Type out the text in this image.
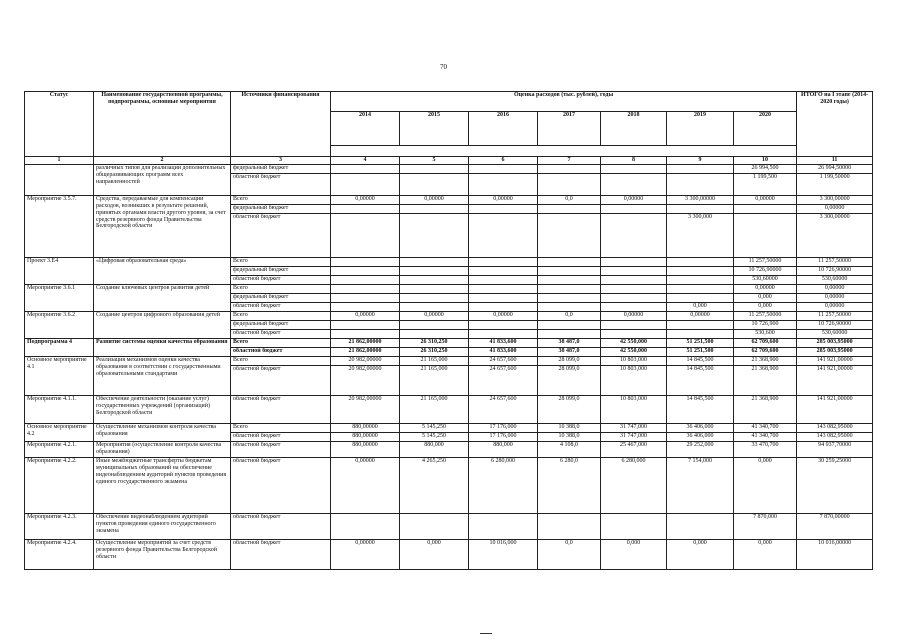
70
Статус	Наименование государственной программы, подпрограммы, основные мероприятия	Источники финансирования	Оценка расходов (тыс. рублей), годы							ИТОГО на I этапе (2014-2020 годы)
			2014	2015	2016	2017	2018	2019	2020	

1	2	3	4	5	6	7	8	9	10	11
	различных типов для реализации дополнительных общеразвивающих программ всех направленностей	федеральный бюджет							26 994,500	26 994,50000
		областной бюджет							1 199,500	1 199,50000
Мероприятие 3.5.7.	Средства, передаваемые для компенсации расходов, возникших в результате решений, принятых органами власти другого уровня, за счет средств резервного фонда Правительства Белгородской области	Всего	0,00000	0,00000	0,00000	0,0	0,00000	3 300,00000	0,00000	3 300,00000
		федеральный бюджет								0,00000
		областной бюджет						3 300,000		3 300,00000
Проект 3.Е4	«Цифровая образовательная среда»	Всего							11 257,50000	11 257,50000
		федеральный бюджет							10 726,90000	10 726,90000
		областной бюджет							530,60000	530,60000
Мероприятие 3.6.1	Создание ключевых центров развития детей	Всего							0,00000	0,00000
		федеральный бюджет							0,000	0,00000
		областной бюджет						0,000	0,000	0,00000
Мероприятие 3.6.2	Создание центров цифрового образования детей	Всего	0,00000	0,00000	0,00000	0,0	0,00000	0,00000	11 257,50000	11 257,50000
		федеральный бюджет							10 726,900	10 726,90000
		областной бюджет							530,600	530,60000
Подпрограмма 4	Развитие системы оценки качества образования	Всего	21 862,00000	26 310,250	41 833,600	38 487,0	42 550,000	51 251,500	62 709,600	285 003,95000
		областной бюджет	21 862,00000	26 310,250	41 833,600	38 487,0	42 550,000	51 251,500	62 709,600	285 003,95000
Основное мероприятие 4.1	Реализация механизмов оценки качества образования в соответствии с государственными образовательными стандартами	Всего	20 982,00000	21 165,000	24 657,600	28 099,0	10 803,000	14 845,500	21 368,900	141 921,00000
		областной бюджет	20 982,00000	21 165,000	24 657,600	28 099,0	10 803,000	14 845,500	21 368,900	141 921,00000
Мероприятие 4.1.1.	Обеспечение деятельности (оказание услуг) государственных учреждений (организаций) Белгородской области	областной бюджет	20 982,00000	21 165,000	24 657,600	28 099,0	10 803,000	14 845,500	21 368,900	141 921,00000
Основное мероприятие 4.2	Осуществление механизмов контроля качества образования	Всего	880,00000	5 145,250	17 176,000	10 388,0	31 747,000	36 406,000	41 340,700	143 082,95000
		областной бюджет	880,00000	5 145,250	17 176,000	10 388,0	31 747,000	36 406,000	41 340,700	143 082,95000
Мероприятие 4.2.1.	Мероприятия (осуществление контроля качества образования)	областной бюджет	880,00000	880,000	880,000	4 108,0	25 467,000	29 252,000	33 470,700	94 937,70000
Мероприятие 4.2.2.	Иные межбюджетные трансферты бюджетам муниципальных образований на обеспечение видеонаблюдением аудиторий пунктов проведения единого государственного экзамена	областной бюджет	0,00000	4 265,250	6 280,000	6 280,0	6 280,000	7 154,000	0,000	30 259,25000
Мероприятие 4.2.3.	Обеспечение видеонаблюдением аудиторий пунктов проведения единого государственного экзамена	областной бюджет							7 870,000	7 870,00000
Мероприятие 4.2.4.	Осуществление мероприятий за счет средств резервного фонда Правительства Белгородской области	областной бюджет	0,00000	0,000	10 016,000	0,0	0,000	0,000	0,000	10 016,00000
